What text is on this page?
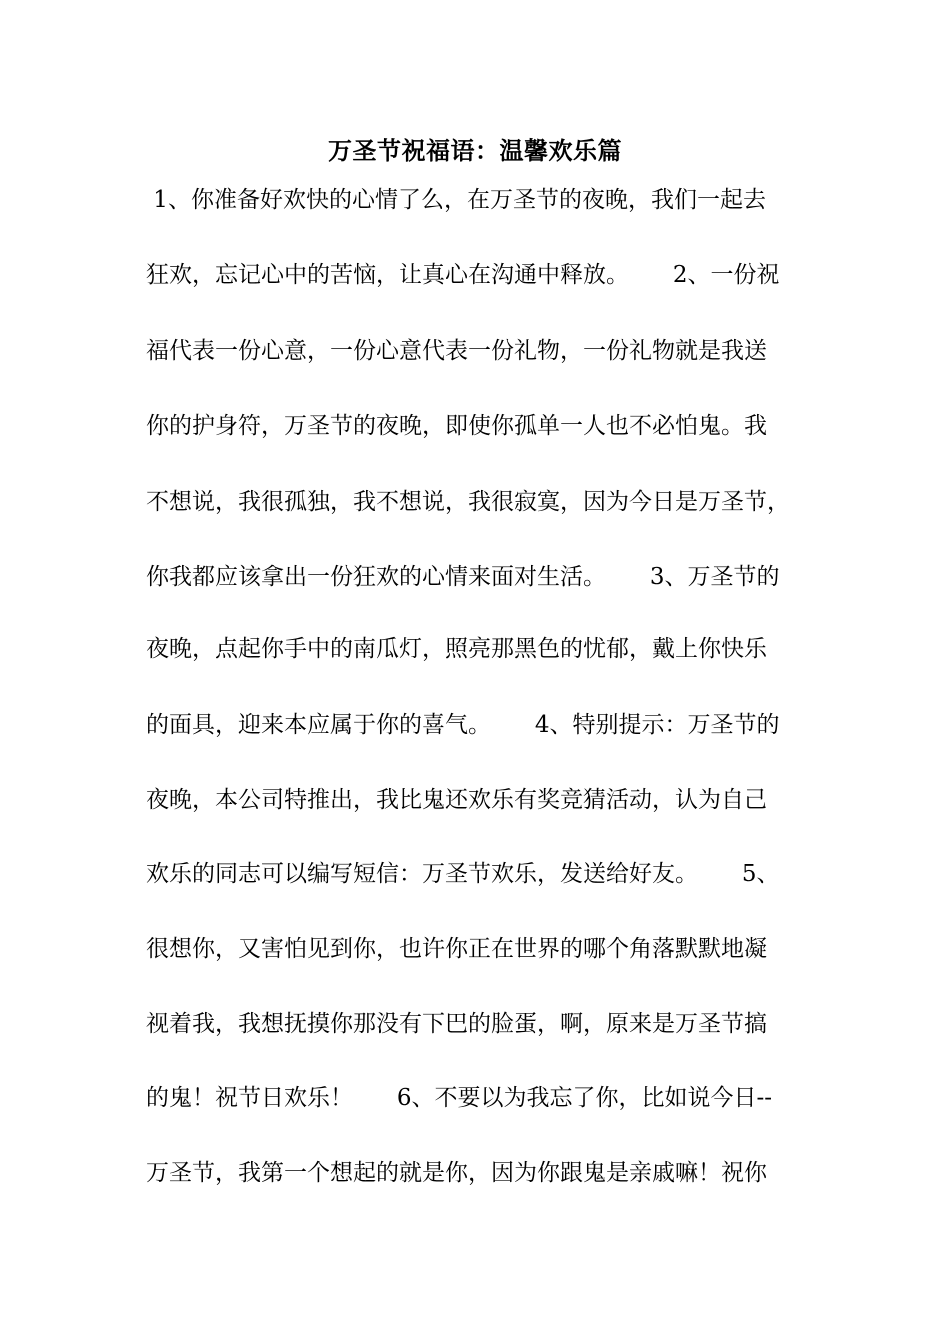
万圣节祝福语：温馨欢乐篇

1、你准备好欢快的心情了么，在万圣节的夜晚，我们一起去

狂欢，忘记心中的苦恼，让真心在沟通中释放。      2、一份祝

福代表一份心意，一份心意代表一份礼物，一份礼物就是我送

你的护身符，万圣节的夜晚，即使你孤单一人也不必怕鬼。我

不想说，我很孤独，我不想说，我很寂寞，因为今日是万圣节，

你我都应该拿出一份狂欢的心情来面对生活。      3、万圣节的

夜晚，点起你手中的南瓜灯，照亮那黑色的忧郁，戴上你快乐

的面具，迎来本应属于你的喜气。      4、特别提示：万圣节的

夜晚，本公司特推出，我比鬼还欢乐有奖竞猜活动，认为自己

欢乐的同志可以编写短信：万圣节欢乐，发送给好友。      5、

很想你，又害怕见到你，也许你正在世界的哪个角落默默地凝

视着我，我想抚摸你那没有下巴的脸蛋，啊，原来是万圣节搞

的鬼！祝节日欢乐！      6、不要以为我忘了你，比如说今日--

万圣节，我第一个想起的就是你，因为你跟鬼是亲戚嘛！祝你
